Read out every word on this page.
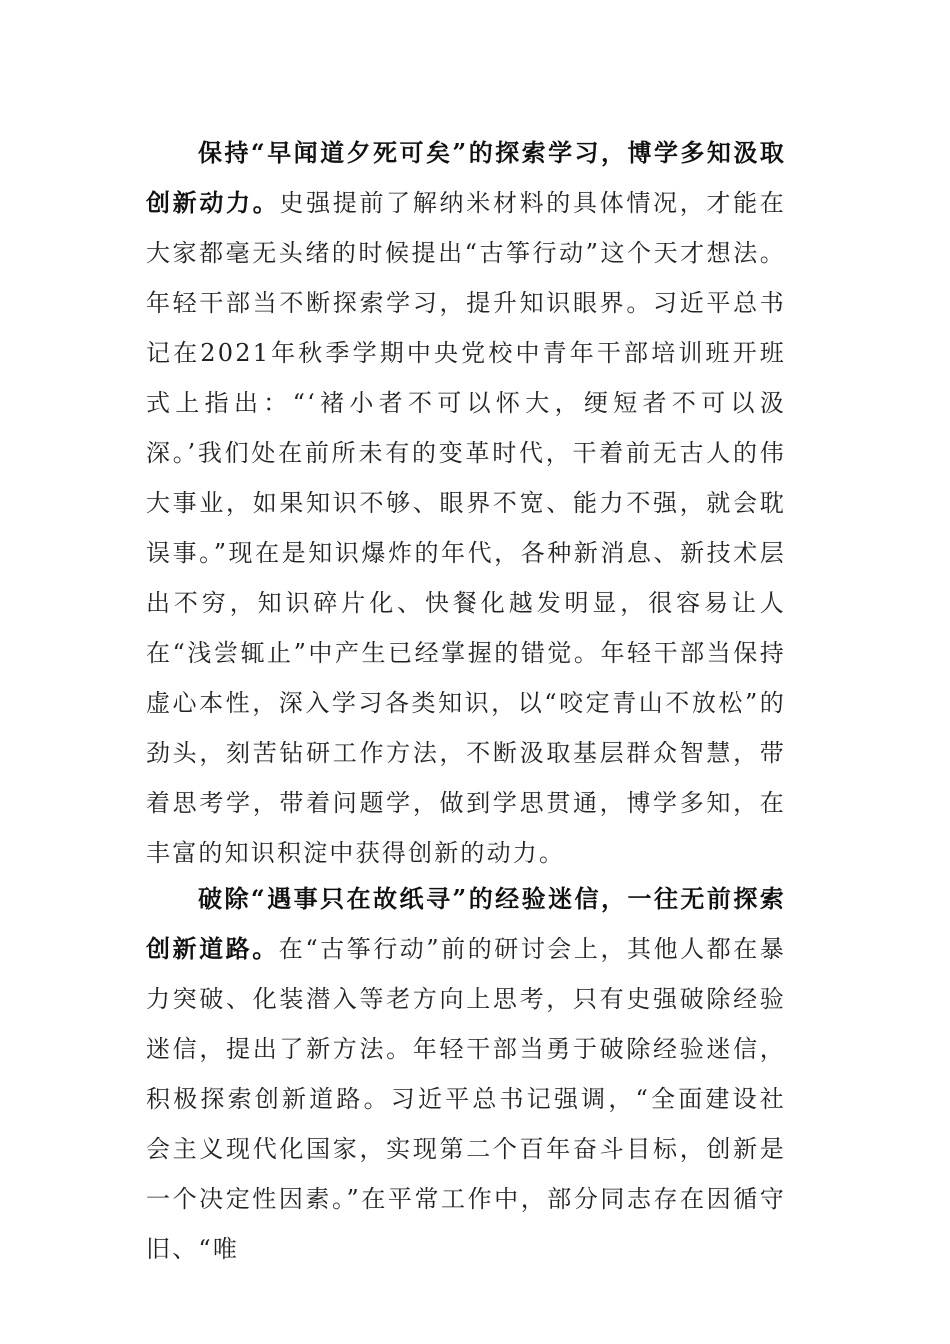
保持“早闻道夕死可矣”的探索学习，博学多知汲取创新动力。史强提前了解纳米材料的具体情况，才能在大家都毫无头绪的时候提出“古筝行动”这个天才想法。年轻干部当不断探索学习，提升知识眼界。习近平总书记在2021年秋季学期中央党校中青年干部培训班开班式上指出：“‘褚小者不可以怀大，绠短者不可以汲深。’我们处在前所未有的变革时代，干着前无古人的伟大事业，如果知识不够、眼界不宽、能力不强，就会耽误事。”现在是知识爆炸的年代，各种新消息、新技术层出不穷，知识碎片化、快餐化越发明显，很容易让人在“浅尝辄止”中产生已经掌握的错觉。年轻干部当保持虚心本性，深入学习各类知识，以“咬定青山不放松”的劲头，刻苦钻研工作方法，不断汲取基层群众智慧，带着思考学，带着问题学，做到学思贯通，博学多知，在丰富的知识积淀中获得创新的动力。

破除“遇事只在故纸寻”的经验迷信，一往无前探索创新道路。在“古筝行动”前的研讨会上，其他人都在暴力突破、化装潜入等老方向上思考，只有史强破除经验迷信，提出了新方法。年轻干部当勇于破除经验迷信，积极探索创新道路。习近平总书记强调，“全面建设社会主义现代化国家，实现第二个百年奋斗目标，创新是一个决定性因素。”在平常工作中，部分同志存在因循守旧、“唯
